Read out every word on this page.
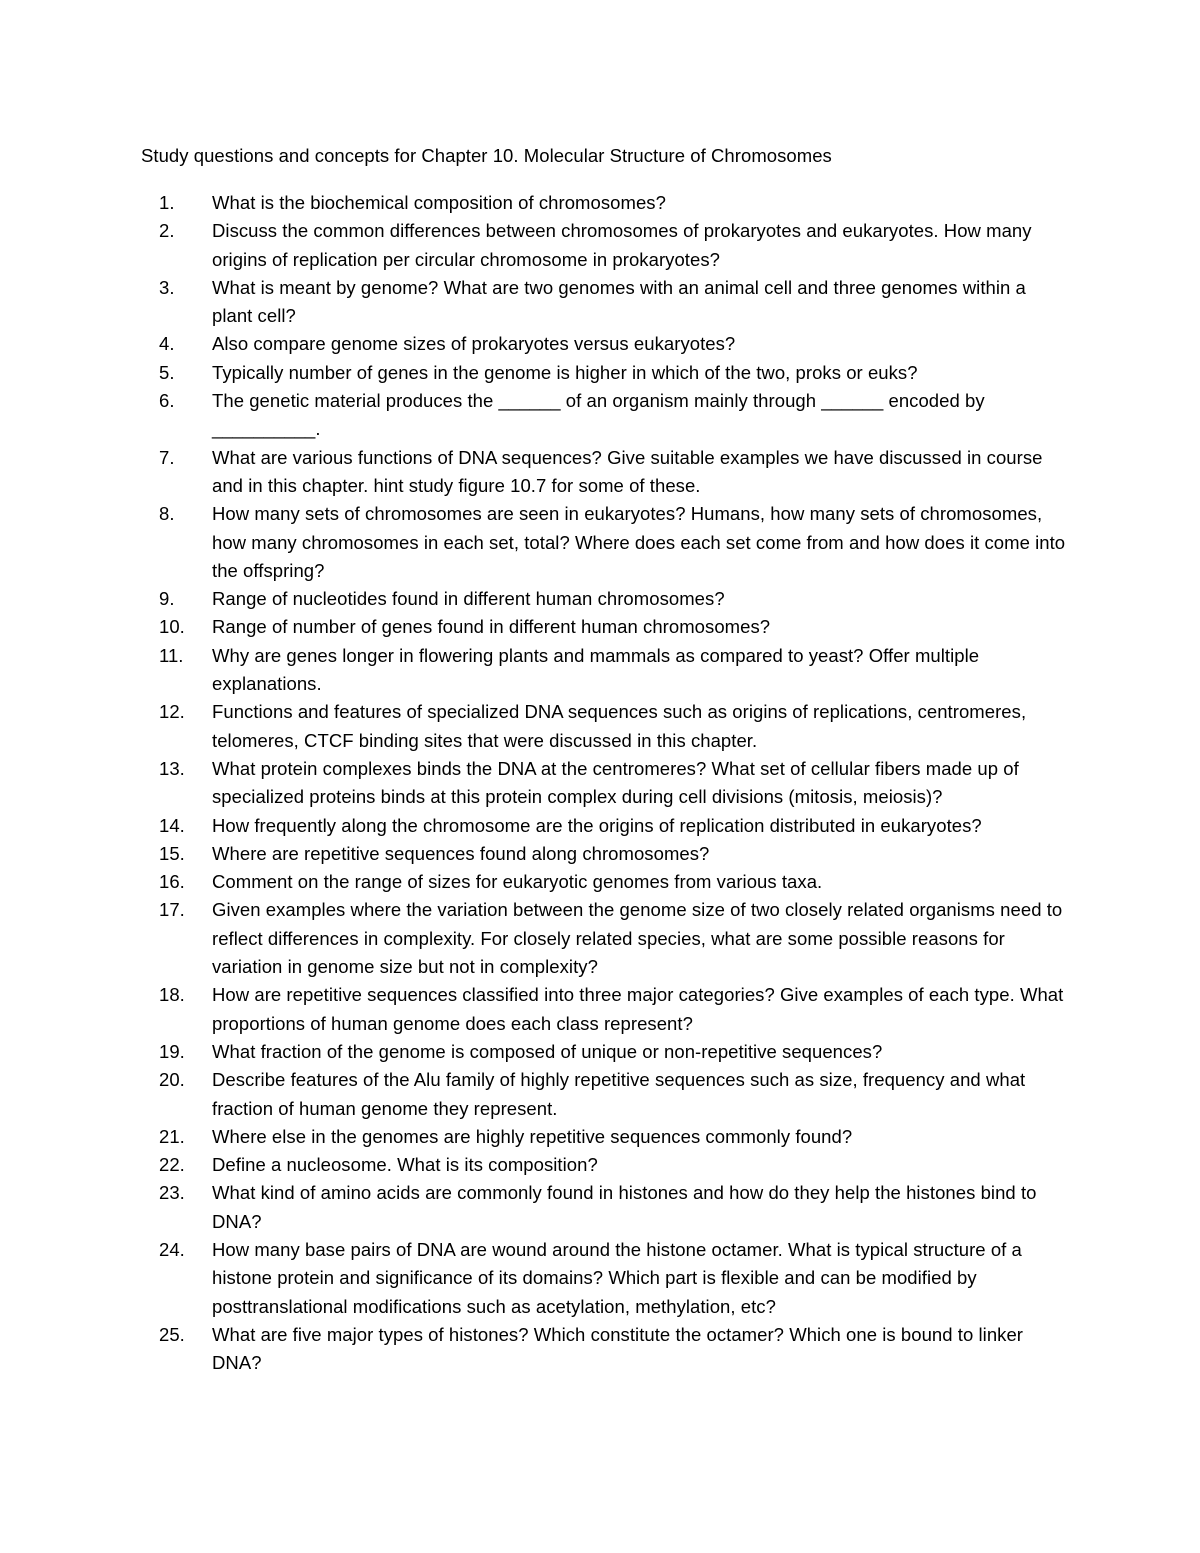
Study questions and concepts for Chapter 10. Molecular Structure of Chromosomes
1.	What is the biochemical composition of chromosomes?
2.	Discuss the common differences between chromosomes of prokaryotes and eukaryotes. How many origins of replication per circular chromosome in prokaryotes?
3.	What is meant by genome? What are two genomes with an animal cell and three genomes within a plant cell?
4.	Also compare genome sizes of prokaryotes versus eukaryotes?
5.	Typically number of genes in the genome is higher in which of the two, proks or euks?
6.	The genetic material produces the ______ of an organism mainly through ______ encoded by __________.
7.	What are various functions of DNA sequences? Give suitable examples we have discussed in course and in this chapter. hint study figure 10.7 for some of these.
8.	How many sets of chromosomes are seen in eukaryotes? Humans, how many sets of chromosomes, how many chromosomes in each set, total? Where does each set come from and how does it come into the offspring?
9.	Range of nucleotides found in different human chromosomes?
10.	Range of number of genes found in different human chromosomes?
11.	Why are genes longer in flowering plants and mammals as compared to yeast? Offer multiple explanations.
12.	Functions and features of specialized DNA sequences such as origins of replications, centromeres, telomeres, CTCF binding sites that were discussed in this chapter.
13.	What protein complexes binds the DNA at the centromeres? What set of cellular fibers made up of specialized proteins binds at this protein complex during cell divisions (mitosis, meiosis)?
14.	How frequently along the chromosome are the origins of replication distributed in eukaryotes?
15.	Where are repetitive sequences found along chromosomes?
16.	Comment on the range of sizes for eukaryotic genomes from various taxa.
17.	Given examples where the variation between the genome size of two closely related organisms need to reflect differences in complexity. For closely related species, what are some possible reasons for variation in genome size but not in complexity?
18.	How are repetitive sequences classified into three major categories? Give examples of each type. What proportions of human genome does each class represent?
19.	What fraction of the genome is composed of unique or non-repetitive sequences?
20.	Describe features of the Alu family of highly repetitive sequences such as size, frequency and what fraction of human genome they represent.
21.	Where else in the genomes are highly repetitive sequences commonly found?
22.	Define a nucleosome. What is its composition?
23.	What kind of amino acids are commonly found in histones and how do they help the histones bind to DNA?
24.	How many base pairs of DNA are wound around the histone octamer. What is typical structure of a histone protein and significance of its domains? Which part is flexible and can be modified by posttranslational modifications such as acetylation, methylation, etc?
25.	What are five major types of histones? Which constitute the octamer? Which one is bound to linker DNA?
